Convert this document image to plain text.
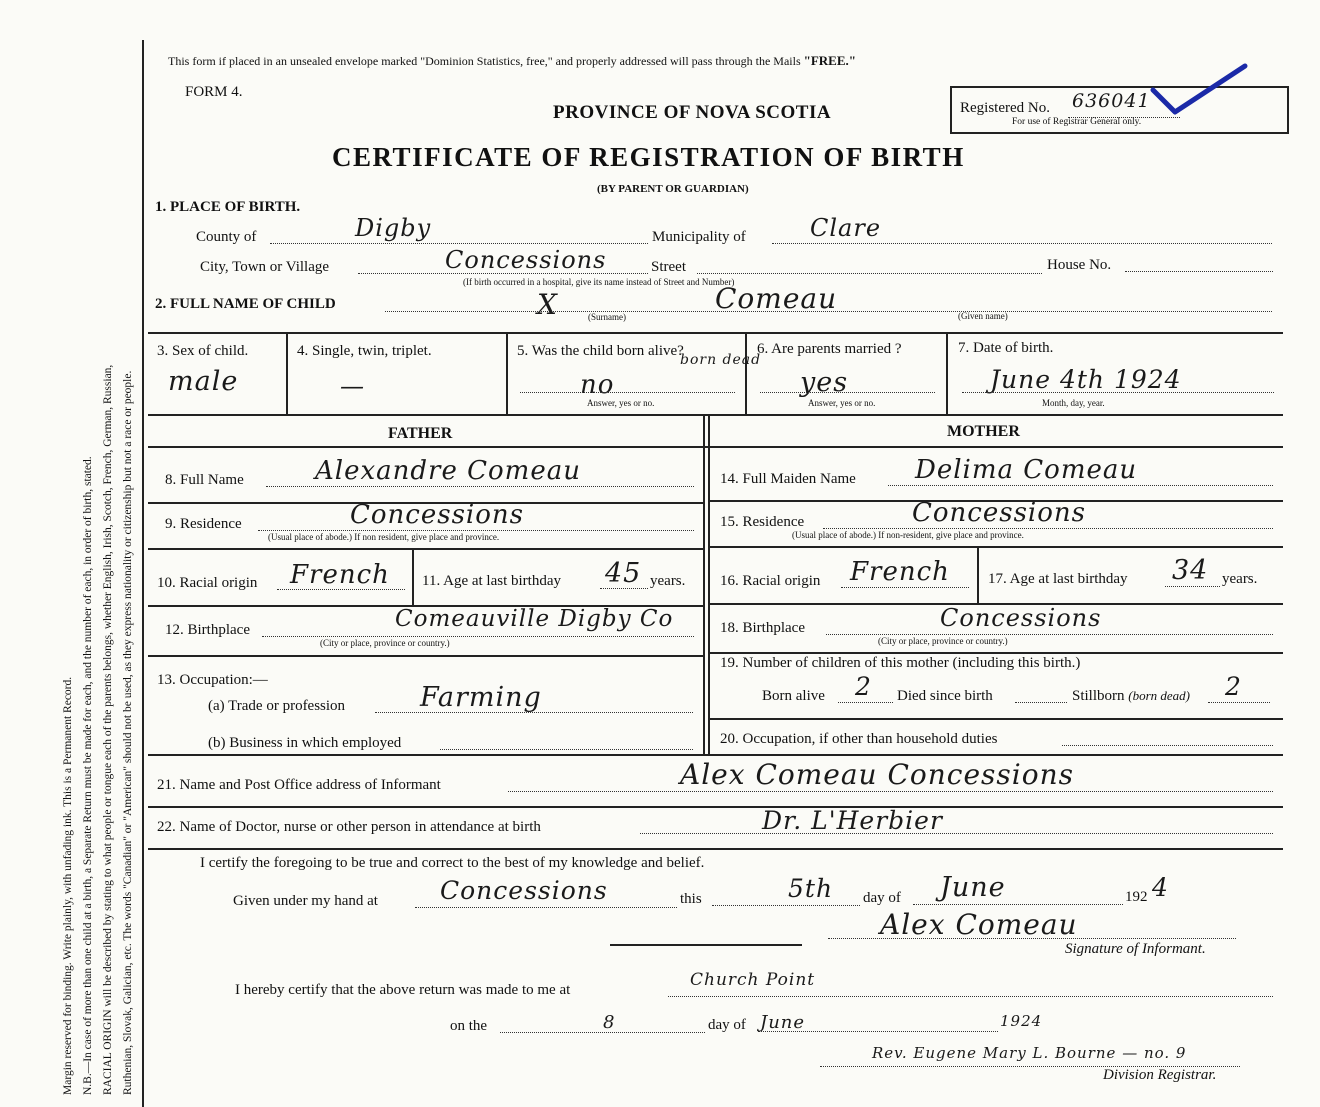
Margin reserved for binding. Write plainly, with unfading ink. This is a Permanent Record. N.B.—In case of more than one child at a birth, a Separate Return must be made for each, and the number of each, in order of birth, stated. RACIAL ORIGIN will be described by stating to what people or tongue each of the parents belongs, whether English, Irish, Scotch, French, German, Russian, Ruthenian, Slovak, Galician, etc. The words "Canadian" or "American" should not be used, as they express nationality or citizenship but not a race or people.
This form if placed in an unsealed envelope marked "Dominion Statistics, free," and properly addressed will pass through the Mails "FREE."
FORM 4.
PROVINCE OF NOVA SCOTIA	Registered No. 636041
For use of Registrar General only.
CERTIFICATE OF REGISTRATION OF BIRTH
(BY PARENT OR GUARDIAN)
1. PLACE OF BIRTH.
County of	Digby	Municipality of	Clare
City, Town or Village	Concessions	Street	House No.
(If birth occurred in a hospital, give its name instead of Street and Number)
2. FULL NAME OF CHILD	X	Comeau
(Surname)	(Given name)
3. Sex of child.
male
4. Single, twin, triplet.
—
5. Was the child born alive?
born dead
no
Answer, yes or no.
6. Are parents married ?
yes
Answer, yes or no.
7. Date of birth.
June 4th 1924
Month, day, year.
FATHER	MOTHER
8. Full Name	Alexandre Comeau
9. Residence	Concessions
(Usual place of abode.) If non resident, give place and province.
10. Racial origin French 11. Age at last birthday 45 years.
12. Birthplace	Comeauville Digby Co
(City or place, province or country.)
13. Occupation:—
(a) Trade or profession	Farming
(b) Business in which employed
14. Full Maiden Name Delima Comeau
15. Residence	Concessions
(Usual place of abode.) If non-resident, give place and province.
16. Racial origin French	17. Age at last birthday 34 years.
18. Birthplace	Concessions
(City or place, province or country.)
19. Number of children of this mother (including this birth.)
Born alive 2 Died since birth	Stillborn (born dead) 2
20. Occupation, if other than household duties
21. Name and Post Office address of Informant	Alex Comeau Concessions
22. Name of Doctor, nurse or other person in attendance at birth	Dr. L'Herbier
I certify the foregoing to be true and correct to the best of my knowledge and belief.
Given under my hand at Concessions	this	5th day of June	192 4
Alex Comeau
Signature of Informant.
I hereby certify that the above return was made to me at	Church Point
on the	8	day of June	1924
Rev. Eugene Mary L. Bourne — no. 9
Division Registrar.
